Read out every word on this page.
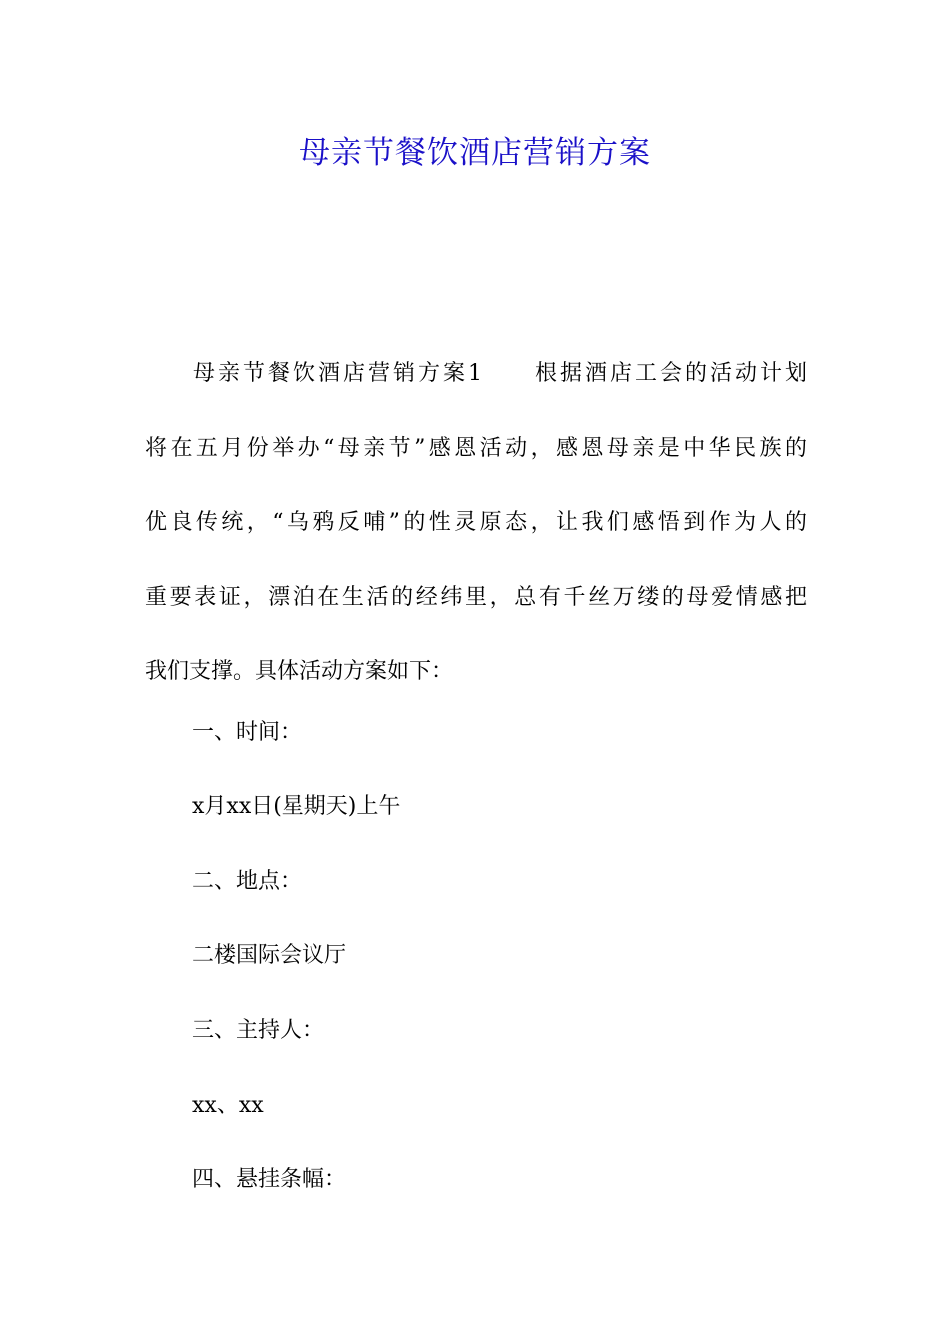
母亲节餐饮酒店营销方案
母亲节餐饮酒店营销方案1 根据酒店工会的活动计划
将在五月份举办“母亲节”感恩活动，感恩母亲是中华民族的
优良传统，“乌鸦反哺”的性灵原态，让我们感悟到作为人的
重要表证，漂泊在生活的经纬里，总有千丝万缕的母爱情感把
我们支撑。具体活动方案如下：

一、时间：

x月xx日(星期天)上午

二、地点：

二楼国际会议厅

三、主持人：

xx、xx

四、悬挂条幅：
